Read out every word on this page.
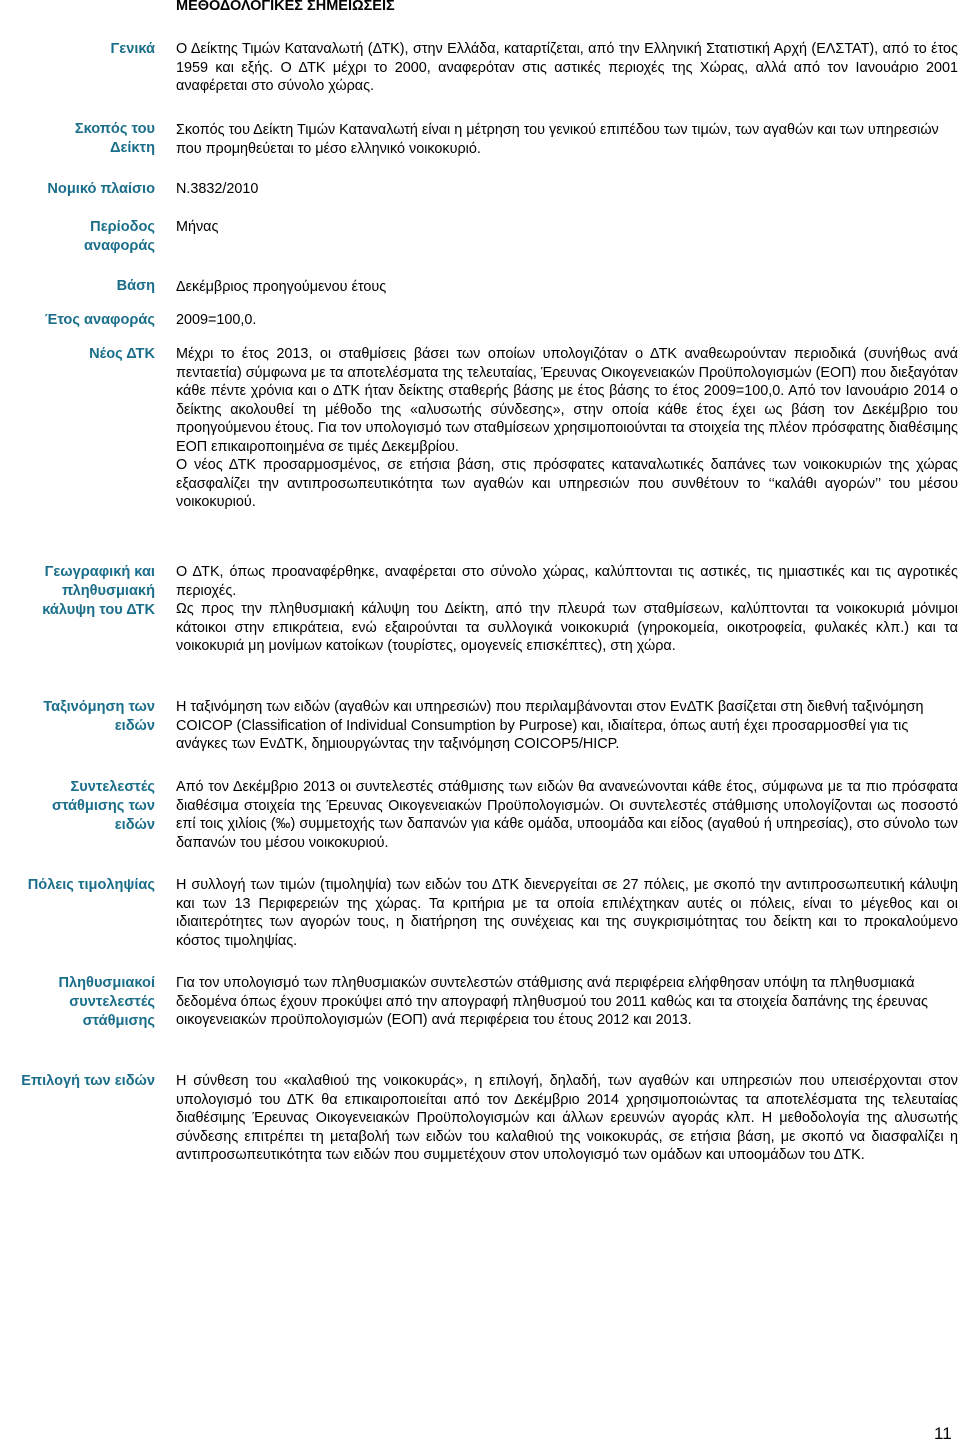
ΜΕΘΟΔΟΛΟΓΙΚΕΣ ΣΗΜΕΙΩΣΕΙΣ
Γενικά Ο Δείκτης Τιμών Καταναλωτή (ΔΤΚ), στην Ελλάδα, καταρτίζεται, από την Ελληνική Στατιστική Αρχή (ΕΛΣΤΑΤ), από το έτος 1959 και εξής. Ο ΔΤΚ μέχρι το 2000, αναφερόταν στις αστικές περιοχές της Χώρας, αλλά από τον Ιανουάριο 2001 αναφέρεται στο σύνολο χώρας.
Σκοπός του
Δείκτη
Σκοπός του Δείκτη Τιμών Καταναλωτή είναι η μέτρηση του γενικού επιπέδου των τιμών, των αγαθών και των υπηρεσιών που προμηθεύεται το μέσο ελληνικό νοικοκυριό.
Νομικό πλαίσιο Ν.3832/2010
Περίοδος
αναφοράς
Μήνας
Βάση Δεκέμβριος προηγούμενου έτους
Έτος αναφοράς 2009=100,0.
Νέος ΔΤΚ Μέχρι το έτος 2013, οι σταθμίσεις βάσει των οποίων υπολογιζόταν ο ΔΤΚ αναθεωρούνταν περιοδικά (συνήθως ανά πενταετία) σύμφωνα με τα αποτελέσματα της τελευταίας, Έρευνας Οικογενειακών Προϋπολογισμών (ΕΟΠ) που διεξαγόταν κάθε πέντε χρόνια και ο ΔΤΚ ήταν δείκτης σταθερής βάσης με έτος βάσης το έτος 2009=100,0. Από τον Ιανουάριο 2014 ο δείκτης ακολουθεί τη μέθοδο της «αλυσωτής σύνδεσης», στην οποία κάθε έτος έχει ως βάση τον Δεκέμβριο του προηγούμενου έτους. Για τον υπολογισμό των σταθμίσεων χρησιμοποιούνται τα στοιχεία της πλέον πρόσφατης διαθέσιμης ΕΟΠ επικαιροποιημένα σε τιμές Δεκεμβρίου.

Ο νέος ΔΤΚ προσαρμοσμένος, σε ετήσια βάση, στις πρόσφατες καταναλωτικές δαπάνες των νοικοκυριών της χώρας εξασφαλίζει την αντιπροσωπευτικότητα των αγαθών και υπηρεσιών που συνθέτουν το ‘‘καλάθι αγορών’’ του μέσου νοικοκυριού.

Γεωγραφική και
πληθυσμιακή
κάλυψη του ΔΤΚ

Ο ΔΤΚ, όπως προαναφέρθηκε, αναφέρεται στο σύνολο χώρας, καλύπτονται τις αστικές, τις ημιαστικές και τις αγροτικές περιοχές.

Ως προς την πληθυσμιακή κάλυψη του Δείκτη, από την πλευρά των σταθμίσεων, καλύπτονται τα νοικοκυριά μόνιμοι κάτοικοι στην επικράτεια, ενώ εξαιρούνται τα συλλογικά νοικοκυριά (γηροκομεία, οικοτροφεία, φυλακές κλπ.) και τα νοικοκυριά μη μονίμων κατοίκων (τουρίστες, ομογενείς επισκέπτες), στη χώρα.

Ταξινόμηση των
ειδών
Η ταξινόμηση των ειδών (αγαθών και υπηρεσιών) που περιλαμβάνονται στον ΕνΔΤΚ βασίζεται στη διεθνή ταξινόμηση COICOP (Classification of Individual Consumption by Purpose) και, ιδιαίτερα, όπως αυτή έχει προσαρμοσθεί για τις ανάγκες των ΕνΔΤΚ, δημιουργώντας την ταξινόμηση COICOP5/HICP.
Συντελεστές
στάθμισης των
ειδών
Από τον Δεκέμβριο 2013 οι συντελεστές στάθμισης των ειδών θα ανανεώνονται κάθε έτος, σύμφωνα με τα πιο πρόσφατα διαθέσιμα στοιχεία της Έρευνας Οικογενειακών Προϋπολογισμών. Οι συντελεστές στάθμισης υπολογίζονται ως ποσοστό επί τοις χιλίοις (‰) συμμετοχής των δαπανών για κάθε ομάδα, υποομάδα και είδος (αγαθού ή υπηρεσίας), στο σύνολο των δαπανών του μέσου νοικοκυριού.
Πόλεις τιμοληψίας Η συλλογή των τιμών (τιμοληψία) των ειδών του ΔΤΚ διενεργείται σε 27 πόλεις, με σκοπό την αντιπροσωπευτική κάλυψη και των 13 Περιφερειών της χώρας. Τα κριτήρια με τα οποία επιλέχτηκαν αυτές οι πόλεις, είναι το μέγεθος και οι ιδιαιτερότητες των αγορών τους, η διατήρηση της συνέχειας και της συγκρισιμότητας του δείκτη και το προκαλούμενο κόστος τιμοληψίας.
Πληθυσμιακοί
συντελεστές
στάθμισης
Για τον υπολογισμό των πληθυσμιακών συντελεστών στάθμισης ανά περιφέρεια ελήφθησαν υπόψη τα πληθυσμιακά δεδομένα όπως έχουν προκύψει από την απογραφή πληθυσμού του 2011 καθώς και τα στοιχεία δαπάνης της έρευνας οικογενειακών προϋπολογισμών (ΕΟΠ) ανά περιφέρεια του έτους 2012 και 2013.
Επιλογή των ειδών Η σύνθεση του «καλαθιού της νοικοκυράς», η επιλογή, δηλαδή, των αγαθών και υπηρεσιών που υπεισέρχονται στον υπολογισμό του ΔΤΚ θα επικαιροποιείται από τον Δεκέμβριο 2014 χρησιμοποιώντας τα αποτελέσματα της τελευταίας διαθέσιμης Έρευνας Οικογενειακών Προϋπολογισμών και άλλων ερευνών αγοράς κλπ. Η μεθοδολογία της αλυσωτής σύνδεσης επιτρέπει τη μεταβολή των ειδών του καλαθιού της νοικοκυράς, σε ετήσια βάση, με σκοπό να διασφαλίζει η αντιπροσωπευτικότητα των ειδών που συμμετέχουν στον υπολογισμό των ομάδων και υποομάδων του ΔΤΚ.
11
